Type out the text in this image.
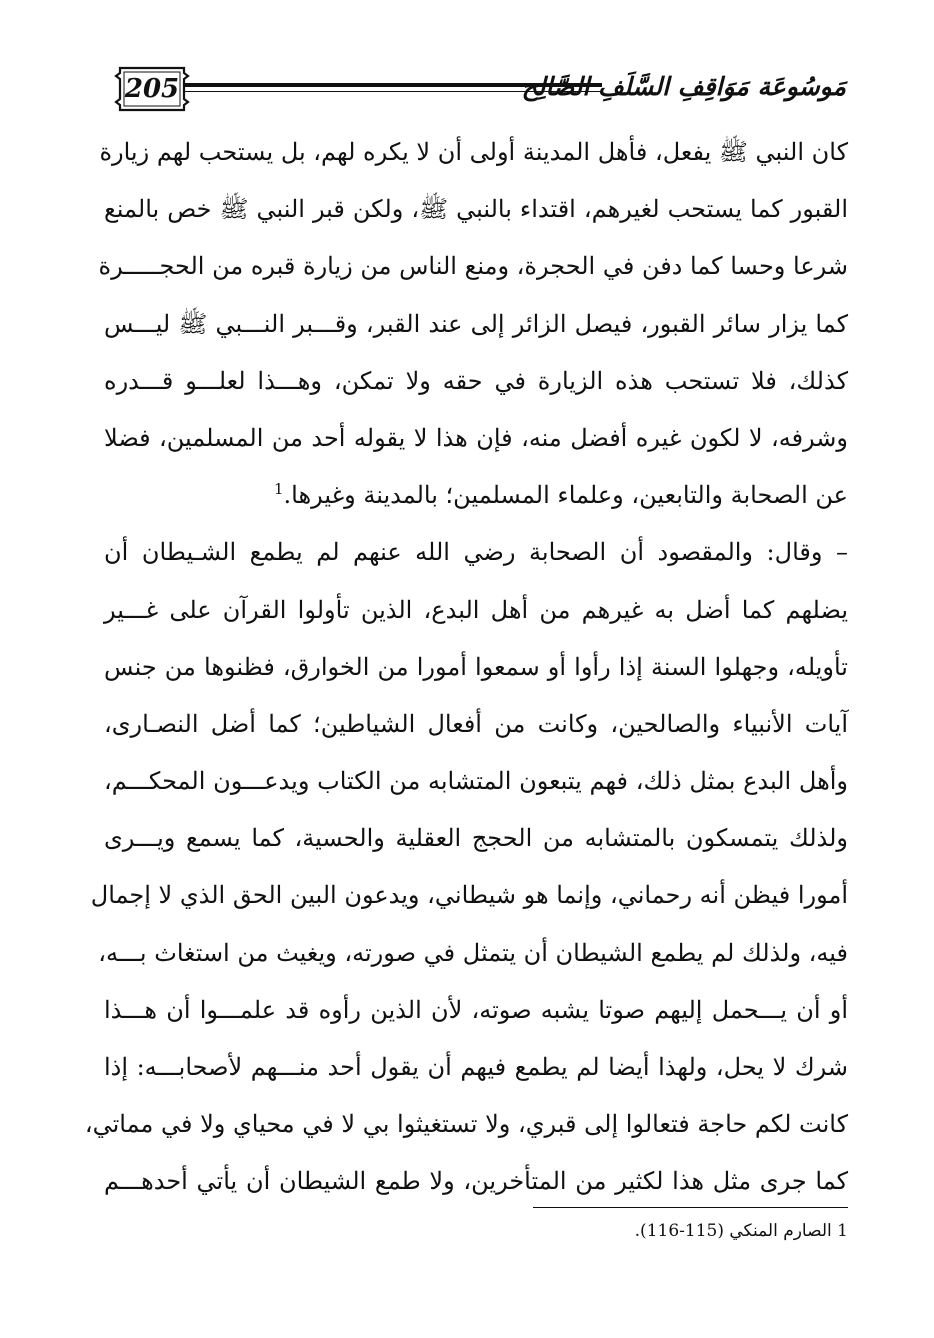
205	مَوسُوعَة مَوَاقِفِ السَّلَفِ الصَّالِح
كان النبي ﷺ يفعل، فأهل المدينة أولى أن لا يكره لهم، بل يستحب لهم زيارة
القبور كما يستحب لغيرهم، اقتداء بالنبي ﷺ، ولكن قبر النبي ﷺ خص بالمنع
شرعا وحسا كما دفن في الحجرة، ومنع الناس من زيارة قبره من الحجـــــرة
كما يزار سائر القبور، فيصل الزائر إلى عند القبر، وقـــبر النـــبي ﷺ ليـــس
كذلك، فلا تستحب هذه الزيارة في حقه ولا تمكن، وهـــذا لعلـــو قـــدره
وشرفه، لا لكون غيره أفضل منه، فإن هذا لا يقوله أحد من المسلمين، فضلا
عن الصحابة والتابعين، وعلماء المسلمين؛ بالمدينة وغيرها.$^1$
– وقال: والمقصود أن الصحابة رضي الله عنهم لم يطمع الشـيطان أن
يضلهم كما أضل به غيرهم من أهل البدع، الذين تأولوا القرآن على غـــير
تأويله، وجهلوا السنة إذا رأوا أو سمعوا أمورا من الخوارق، فظنوها من جنس
آيات الأنبياء والصالحين، وكانت من أفعال الشياطين؛ كما أضل النصـارى،
وأهل البدع بمثل ذلك، فهم يتبعون المتشابه من الكتاب ويدعـــون المحكـــم،
ولذلك يتمسكون بالمتشابه من الحجج العقلية والحسية، كما يسمع ويـــرى
أمورا فيظن أنه رحماني، وإنما هو شيطاني، ويدعون البين الحق الذي لا إجمال
فيه، ولذلك لم يطمع الشيطان أن يتمثل في صورته، ويغيث من استغاث بـــه،
أو أن يـــحمل إليهم صوتا يشبه صوته، لأن الذين رأوه قد علمـــوا أن هـــذا
شرك لا يحل، ولهذا أيضا لم يطمع فيهم أن يقول أحد منـــهم لأصحابـــه: إذا
كانت لكم حاجة فتعالوا إلى قبري، ولا تستغيثوا بي لا في محياي ولا في مماتي،
كما جرى مثل هذا لكثير من المتأخرين، ولا طمع الشيطان أن يأتي أحدهـــم
1 الصارم المنكي (115-116).
